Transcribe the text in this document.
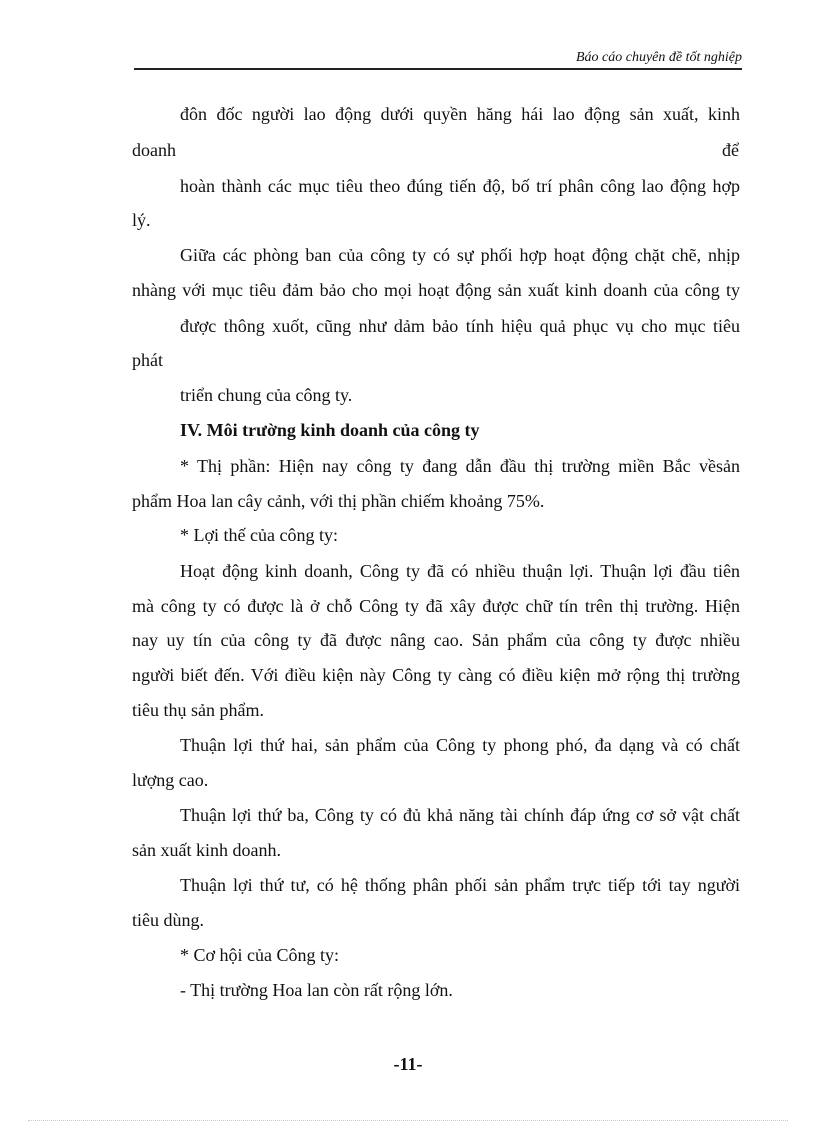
Báo cáo chuyên đề tốt nghiệp
đôn đốc người lao động dưới quyền hăng hái lao động sản xuất, kinh
doanh	để
hoàn thành các mục tiêu theo đúng tiến độ, bố trí phân công lao động hợp
lý.
Giữa các phòng ban của công ty có sự phối hợp hoạt động chặt chẽ, nhịp
nhàng với mục tiêu đảm bảo cho mọi hoạt động sản xuất kinh doanh của công ty
được thông xuốt, cũng như dảm bảo tính hiệu quả phục vụ cho mục tiêu
phát
triển chung của công ty.
IV. Môi trường kinh doanh của công ty
* Thị phần: Hiện nay công ty đang dẫn đầu thị trường miền Bắc vềsản
phẩm Hoa lan cây cảnh, với thị phần chiếm khoảng 75%.
* Lợi thế của công ty:
Hoạt động kinh doanh, Công ty đã có nhiều thuận lợi. Thuận lợi đầu tiên
mà công ty có được là ở chỗ Công ty đã xây được chữ tín trên thị trường. Hiện
nay uy tín của công ty đã được nâng cao. Sản phẩm của công ty được nhiều
người biết đến. Với điều kiện này Công ty càng có điều kiện mở rộng thị trường
tiêu thụ sản phẩm.
Thuận lợi thứ hai, sản phẩm của Công ty phong phó, đa dạng và có chất
lượng cao.
Thuận lợi thứ ba, Công ty có đủ khả năng tài chính đáp ứng cơ sở vật chất
sản xuất kinh doanh.
Thuận lợi thứ tư, có hệ thống phân phối sản phẩm trực tiếp tới tay người
tiêu dùng.
* Cơ hội của Công ty:
- Thị trường Hoa lan còn rất rộng lớn.
-11-
